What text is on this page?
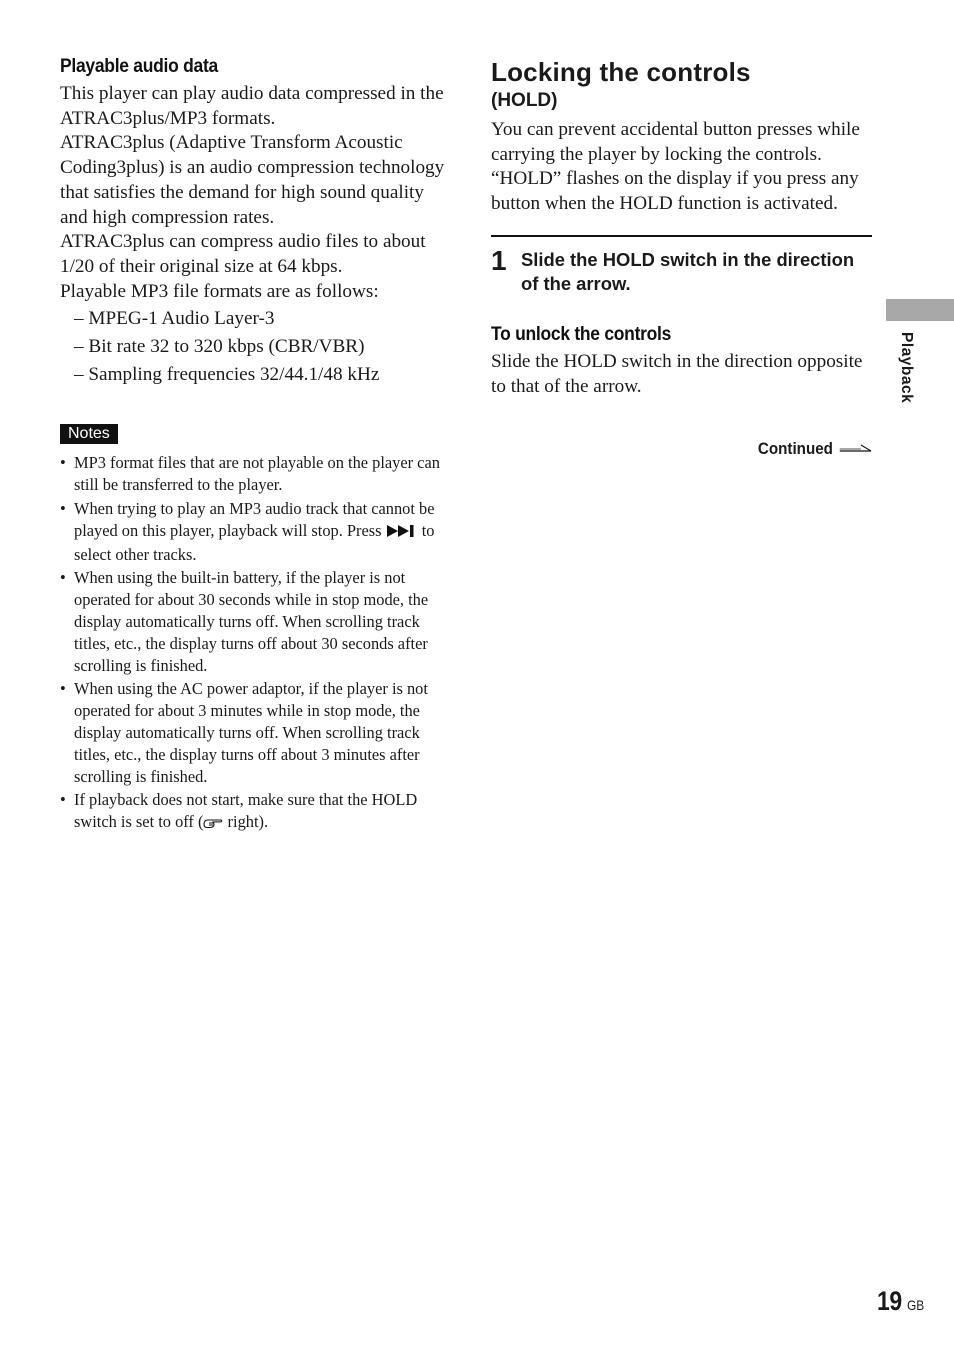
Playable audio data

This player can play audio data compressed in the ATRAC3plus/MP3 formats.

ATRAC3plus (Adaptive Transform Acoustic Coding3plus) is an audio compression technology that satisfies the demand for high sound quality and high compression rates.

ATRAC3plus can compress audio files to about 1/20 of their original size at 64 kbps.

Playable MP3 file formats are as follows:

– MPEG-1 Audio Layer-3
– Bit rate 32 to 320 kbps (CBR/VBR)
– Sampling frequencies 32/44.1/48 kHz
Notes
• MP3 format files that are not playable on the player can still be transferred to the player.
• When trying to play an MP3 audio track that cannot be played on this player, playback will stop. Press  to select other tracks.
• When using the built-in battery, if the player is not operated for about 30 seconds while in stop mode, the display automatically turns off. When scrolling track titles, etc., the display turns off about 30 seconds after scrolling is finished.
• When using the AC power adaptor, if the player is not operated for about 3 minutes while in stop mode, the display automatically turns off. When scrolling track titles, etc., the display turns off about 3 minutes after scrolling is finished.
• If playback does not start, make sure that the HOLD switch is set to off ( right).
Locking the controls
(HOLD)

You can prevent accidental button presses while carrying the player by locking the controls. “HOLD” flashes on the display if you press any button when the HOLD function is activated.

1 Slide the HOLD switch in the direction of the arrow.
To unlock the controls

Slide the HOLD switch in the direction opposite to that of the arrow.

Continued
Playback
19 GB
